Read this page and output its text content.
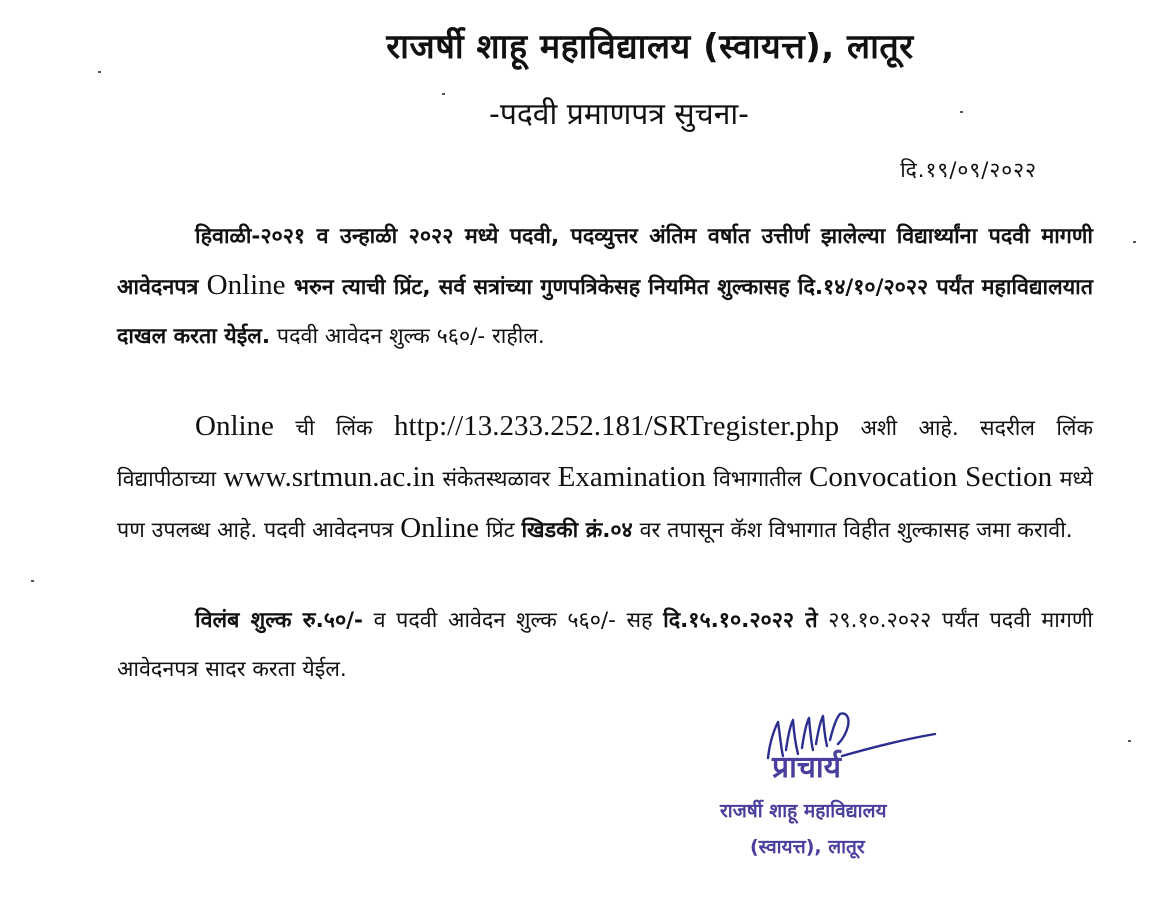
राजर्षी शाहू महाविद्यालय (स्वायत्त), लातूर
-पदवी प्रमाणपत्र सुचना-
दि.१९/०९/२०२२
हिवाळी-२०२१ व उन्हाळी २०२२ मध्ये पदवी, पदव्युत्तर अंतिम वर्षात उत्तीर्ण झालेल्या विद्यार्थ्यांना पदवी मागणी आवेदनपत्र Online भरुन त्याची प्रिंट, सर्व सत्रांच्या गुणपत्रिकेसह नियमित शुल्कासह दि.१४/१०/२०२२ पर्यंत महाविद्यालयात दाखल करता येईल. पदवी आवेदन शुल्क ५६०/- राहील.
Online ची लिंक http://13.233.252.181/SRTregister.php अशी आहे. सदरील लिंक विद्यापीठाच्या www.srtmun.ac.in संकेतस्थळावर Examination विभागातील Convocation Section मध्ये पण उपलब्ध आहे. पदवी आवेदनपत्र Online प्रिंट खिडकी क्रं.०४ वर तपासून कॅश विभागात विहीत शुल्कासह जमा करावी.
विलंब शुल्क रु.५०/- व पदवी आवेदन शुल्क ५६०/- सह दि.१५.१०.२०२२ ते २९.१०.२०२२ पर्यंत पदवी मागणी आवेदनपत्र सादर करता येईल.
प्राचार्य
राजर्षी शाहू महाविद्यालय
(स्वायत्त), लातूर
